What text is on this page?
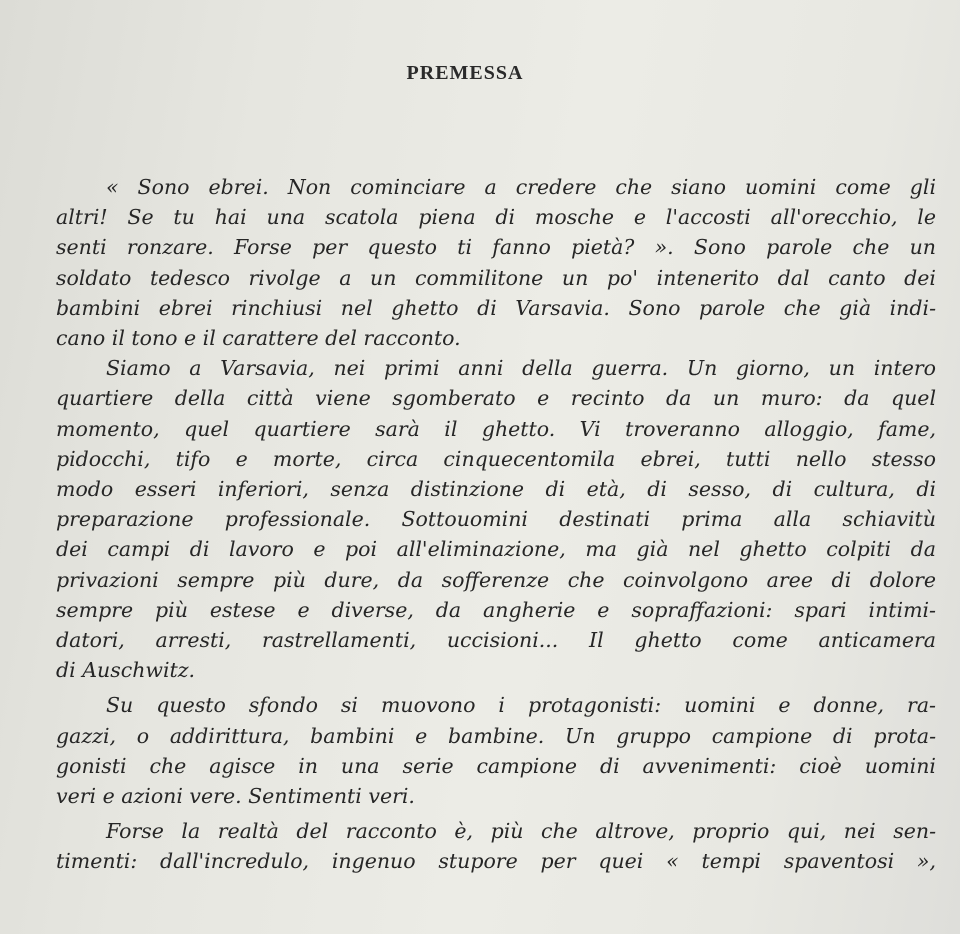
PREMESSA
« Sono ebrei. Non cominciare a credere che siano uomini come gli
altri! Se tu hai una scatola piena di mosche e l'accosti all'orecchio, le
senti ronzare. Forse per questo ti fanno pietà? ». Sono parole che un
soldato tedesco rivolge a un commilitone un po' intenerito dal canto dei
bambini ebrei rinchiusi nel ghetto di Varsavia. Sono parole che già indi-
cano il tono e il carattere del racconto.
Siamo a Varsavia, nei primi anni della guerra. Un giorno, un intero
quartiere della città viene sgomberato e recinto da un muro: da quel
momento, quel quartiere sarà il ghetto. Vi troveranno alloggio, fame,
pidocchi, tifo e morte, circa cinquecentomila ebrei, tutti nello stesso
modo esseri inferiori, senza distinzione di età, di sesso, di cultura, di
preparazione professionale. Sottouomini destinati prima alla schiavitù
dei campi di lavoro e poi all'eliminazione, ma già nel ghetto colpiti da
privazioni sempre più dure, da sofferenze che coinvolgono aree di dolore
sempre più estese e diverse, da angherie e sopraffazioni: spari intimi-
datori, arresti, rastrellamenti, uccisioni... Il ghetto come anticamera
di Auschwitz.
Su questo sfondo si muovono i protagonisti: uomini e donne, ra-
gazzi, o addirittura, bambini e bambine. Un gruppo campione di prota-
gonisti che agisce in una serie campione di avvenimenti: cioè uomini
veri e azioni vere. Sentimenti veri.
Forse la realtà del racconto è, più che altrove, proprio qui, nei sen-
timenti: dall'incredulo, ingenuo stupore per quei « tempi spaventosi »,
